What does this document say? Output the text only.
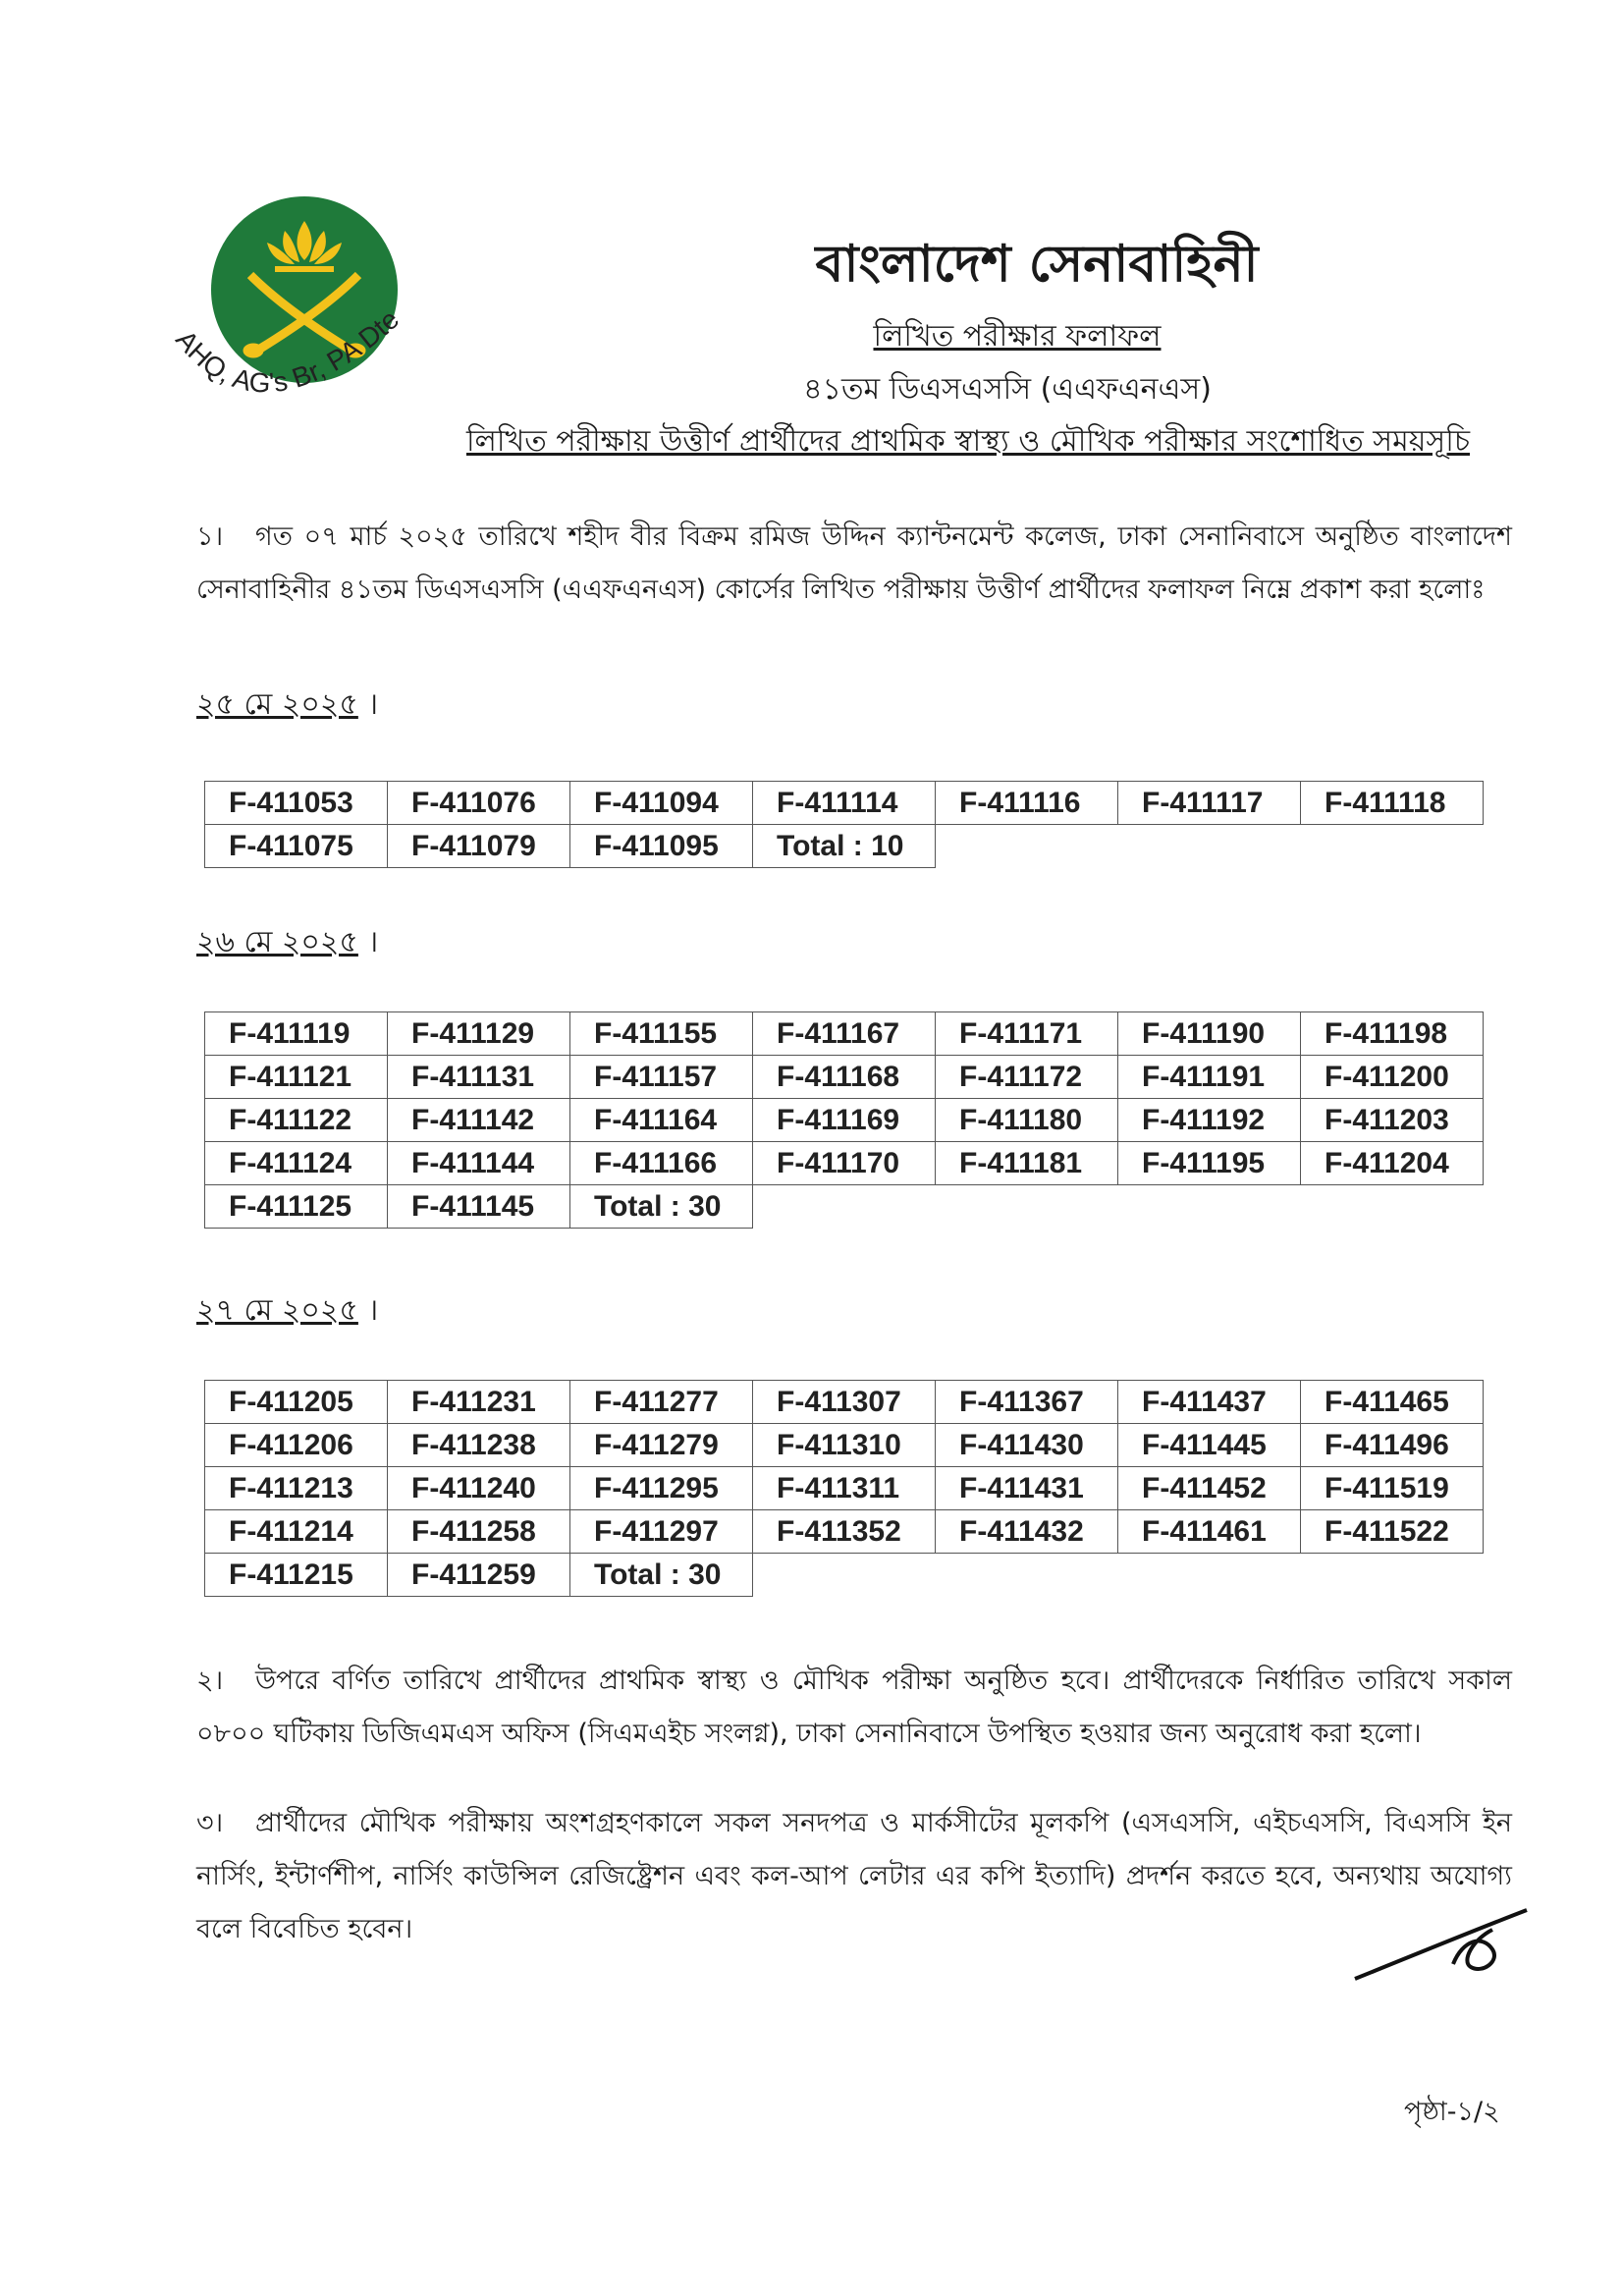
AHQ, AG's Br, PA Dte
বাংলাদেশ সেনাবাহিনী
লিখিত পরীক্ষার ফলাফল
৪১তম ডিএসএসসি (এএফএনএস)
লিখিত পরীক্ষায় উত্তীর্ণ প্রার্থীদের প্রাথমিক স্বাস্থ্য ও মৌখিক পরীক্ষার সংশোধিত সময়সূচি
১। গত ০৭ মার্চ ২০২৫ তারিখে শহীদ বীর বিক্রম রমিজ উদ্দিন ক্যান্টনমেন্ট কলেজ, ঢাকা সেনানিবাসে অনুষ্ঠিত বাংলাদেশ সেনাবাহিনীর ৪১তম ডিএসএসসি (এএফএনএস) কোর্সের লিখিত পরীক্ষায় উত্তীর্ণ প্রার্থীদের ফলাফল নিম্নে প্রকাশ করা হলোঃ
২৫ মে ২০২৫ ।
F-411053	F-411076	F-411094	F-411114	F-411116	F-411117	F-411118
F-411075	F-411079	F-411095	Total : 10			
২৬ মে ২০২৫ ।
F-411119	F-411129	F-411155	F-411167	F-411171	F-411190	F-411198
F-411121	F-411131	F-411157	F-411168	F-411172	F-411191	F-411200
F-411122	F-411142	F-411164	F-411169	F-411180	F-411192	F-411203
F-411124	F-411144	F-411166	F-411170	F-411181	F-411195	F-411204
F-411125	F-411145	Total : 30				
২৭ মে ২০২৫ ।
F-411205	F-411231	F-411277	F-411307	F-411367	F-411437	F-411465
F-411206	F-411238	F-411279	F-411310	F-411430	F-411445	F-411496
F-411213	F-411240	F-411295	F-411311	F-411431	F-411452	F-411519
F-411214	F-411258	F-411297	F-411352	F-411432	F-411461	F-411522
F-411215	F-411259	Total : 30				
২। উপরে বর্ণিত তারিখে প্রার্থীদের প্রাথমিক স্বাস্থ্য ও মৌখিক পরীক্ষা অনুষ্ঠিত হবে। প্রার্থীদেরকে নির্ধারিত তারিখে সকাল ০৮০০ ঘটিকায় ডিজিএমএস অফিস (সিএমএইচ সংলগ্ন), ঢাকা সেনানিবাসে উপস্থিত হওয়ার জন্য অনুরোধ করা হলো।
৩। প্রার্থীদের মৌখিক পরীক্ষায় অংশগ্রহণকালে সকল সনদপত্র ও মার্কসীটের মূলকপি (এসএসসি, এইচএসসি, বিএসসি ইন নার্সিং, ইন্টার্ণশীপ, নার্সিং কাউন্সিল রেজিষ্ট্রেশন এবং কল-আপ লেটার এর কপি ইত্যাদি) প্রদর্শন করতে হবে, অন্যথায় অযোগ্য বলে বিবেচিত হবেন।
পৃষ্ঠা-১/২
